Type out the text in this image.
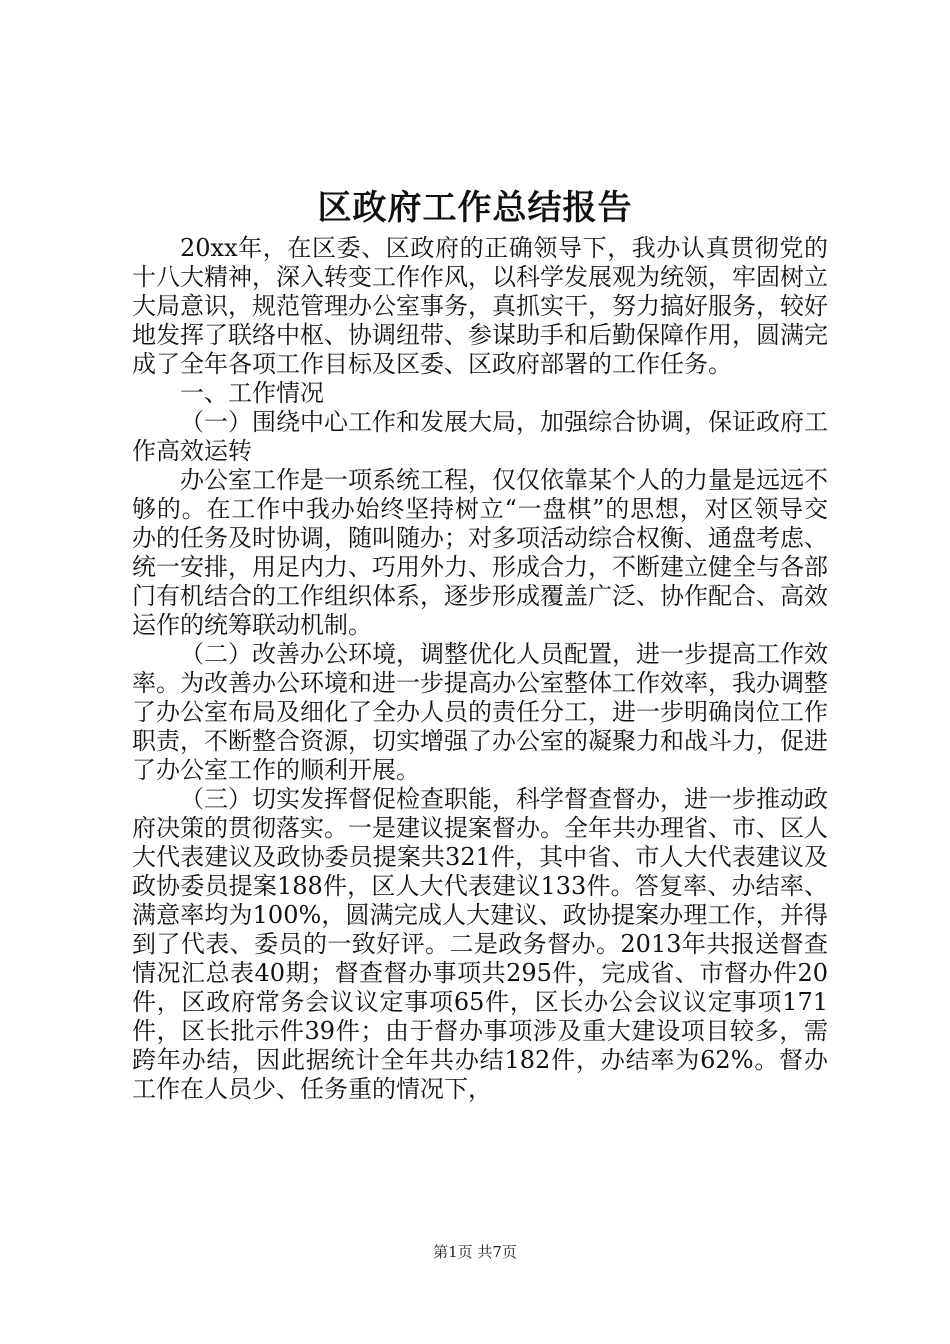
区政府工作总结报告

20xx年，在区委、区政府的正确领导下，我办认真贯彻党的十八大精神，深入转变工作作风，以科学发展观为统领，牢固树立大局意识，规范管理办公室事务，真抓实干，努力搞好服务，较好地发挥了联络中枢、协调纽带、参谋助手和后勤保障作用，圆满完成了全年各项工作目标及区委、区政府部署的工作任务。

一、工作情况

（一）围绕中心工作和发展大局，加强综合协调，保证政府工作高效运转

办公室工作是一项系统工程，仅仅依靠某个人的力量是远远不够的。在工作中我办始终坚持树立“一盘棋”的思想，对区领导交办的任务及时协调，随叫随办；对多项活动综合权衡、通盘考虑、统一安排，用足内力、巧用外力、形成合力，不断建立健全与各部门有机结合的工作组织体系，逐步形成覆盖广泛、协作配合、高效运作的统筹联动机制。

（二）改善办公环境，调整优化人员配置，进一步提高工作效率。为改善办公环境和进一步提高办公室整体工作效率，我办调整了办公室布局及细化了全办人员的责任分工，进一步明确岗位工作职责，不断整合资源，切实增强了办公室的凝聚力和战斗力，促进了办公室工作的顺利开展。

（三）切实发挥督促检查职能，科学督查督办，进一步推动政府决策的贯彻落实。一是建议提案督办。全年共办理省、市、区人大代表建议及政协委员提案共321件，其中省、市人大代表建议及政协委员提案188件，区人大代表建议133件。答复率、办结率、满意率均为100%，圆满完成人大建议、政协提案办理工作，并得到了代表、委员的一致好评。二是政务督办。2013年共报送督查情况汇总表40期；督查督办事项共295件，完成省、市督办件20件，区政府常务会议议定事项65件，区长办公会议议定事项171件，区长批示件39件；由于督办事项涉及重大建设项目较多，需跨年办结，因此据统计全年共办结182件，办结率为62%。督办工作在人员少、任务重的情况下，

第1页 共7页
